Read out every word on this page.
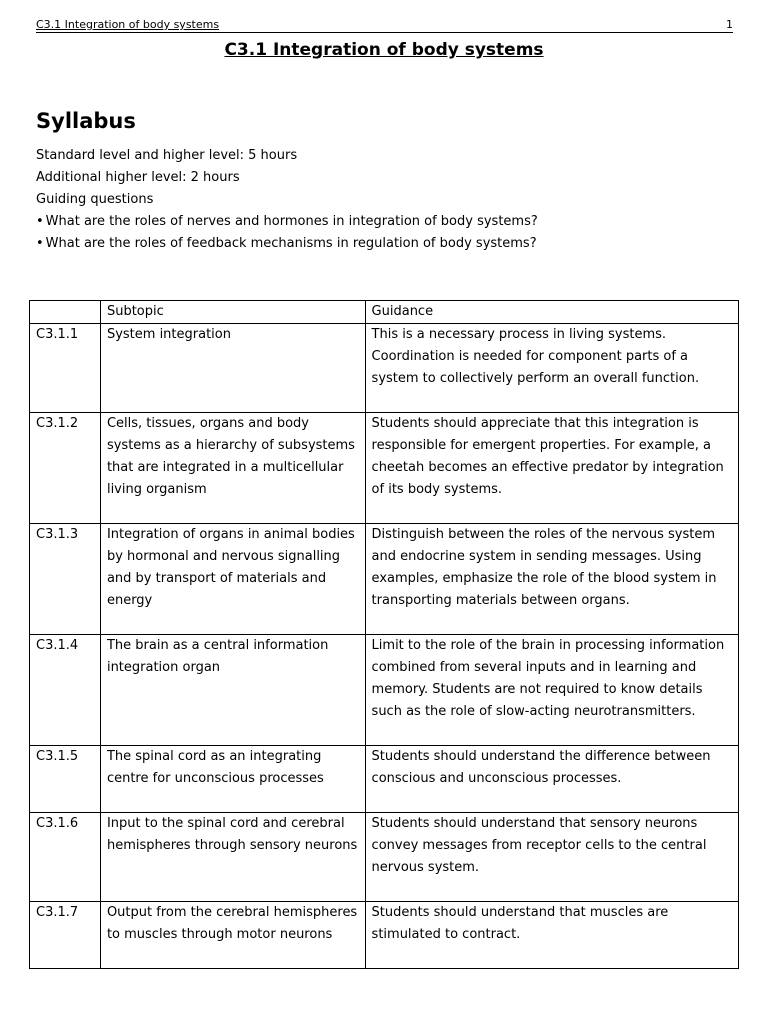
C3.1 Integration of body systems	1
C3.1 Integration of body systems
Syllabus
Standard level and higher level: 5 hours
Additional higher level: 2 hours
Guiding questions
• What are the roles of nerves and hormones in integration of body systems?
• What are the roles of feedback mechanisms in regulation of body systems?
	Subtopic	Guidance
C3.1.1	System integration	This is a necessary process in living systems. Coordination is needed for component parts of a system to collectively perform an overall function.
C3.1.2	Cells, tissues, organs and body systems as a hierarchy of subsystems that are integrated in a multicellular living organism	Students should appreciate that this integration is responsible for emergent properties. For example, a cheetah becomes an effective predator by integration of its body systems.
C3.1.3	Integration of organs in animal bodies by hormonal and nervous signalling and by transport of materials and energy	Distinguish between the roles of the nervous system and endocrine system in sending messages. Using examples, emphasize the role of the blood system in transporting materials between organs.
C3.1.4	The brain as a central information integration organ	Limit to the role of the brain in processing information combined from several inputs and in learning and memory. Students are not required to know details such as the role of slow-acting neurotransmitters.
C3.1.5	The spinal cord as an integrating centre for unconscious processes	Students should understand the difference between conscious and unconscious processes.
C3.1.6	Input to the spinal cord and cerebral hemispheres through sensory neurons	Students should understand that sensory neurons convey messages from receptor cells to the central nervous system.
C3.1.7	Output from the cerebral hemispheres to muscles through motor neurons	Students should understand that muscles are stimulated to contract.
